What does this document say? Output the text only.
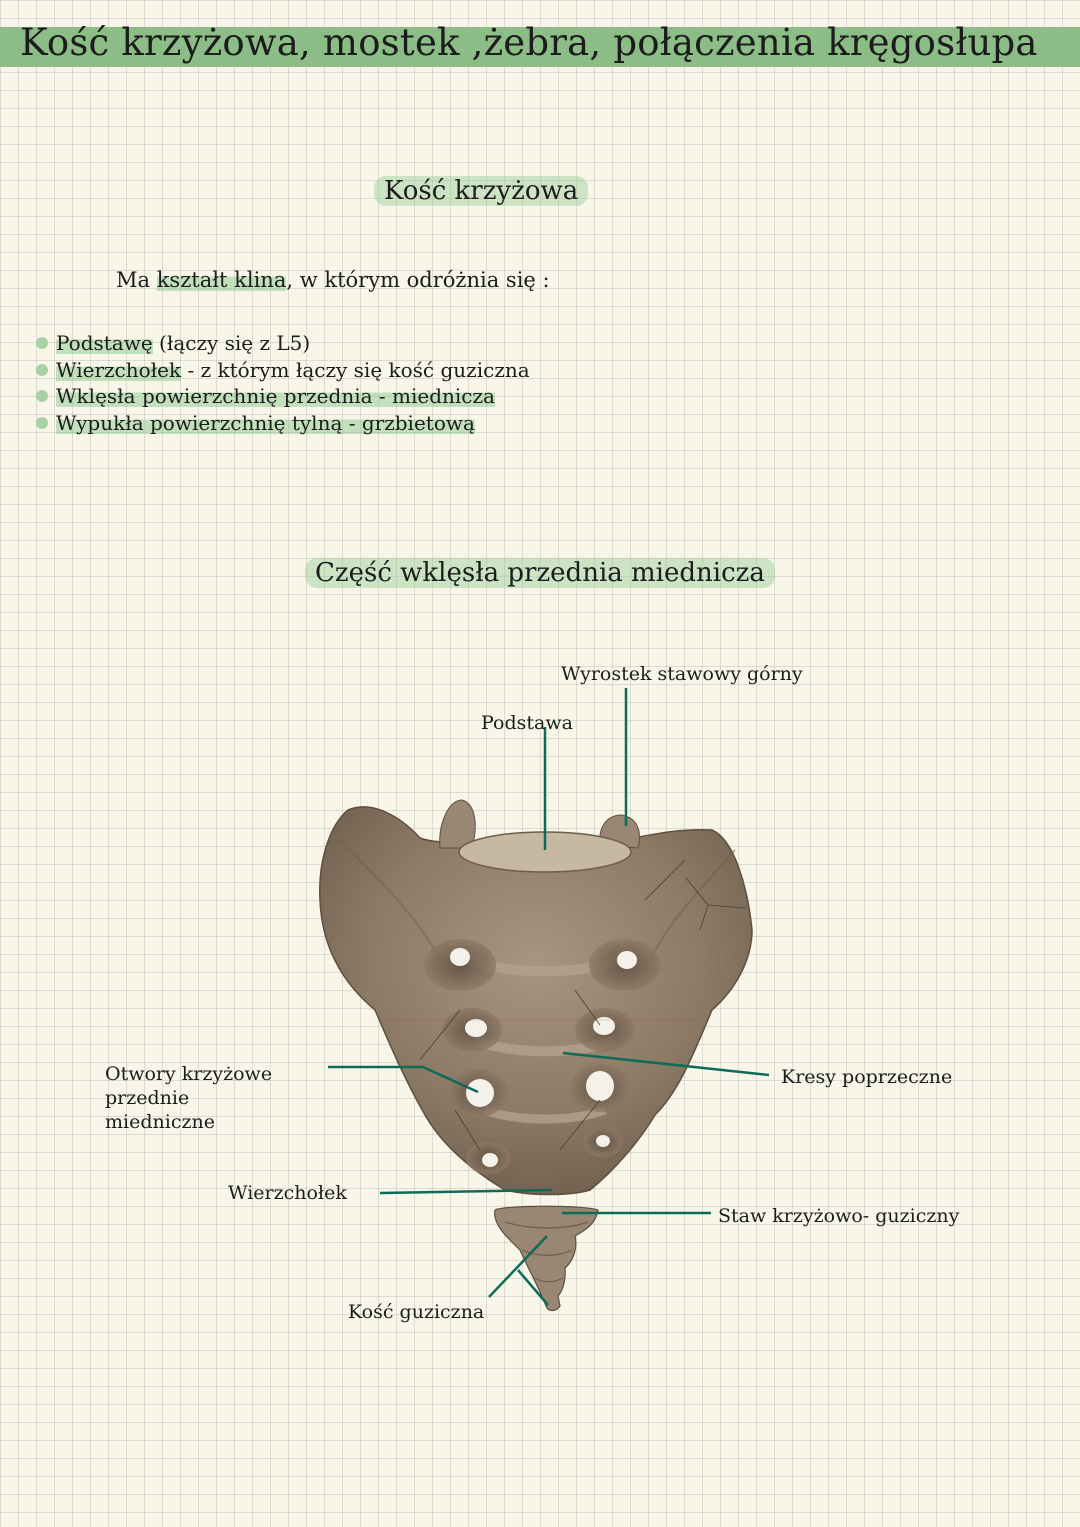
Kość krzyżowa, mostek ,żebra, połączenia kręgosłupa
Kość krzyżowa
Ma kształt klina, w którym odróżnia się :
Podstawę (łączy się z L5)
Wierzchołek - z którym łączy się kość guziczna
Wklęsła powierzchnię przednia - miednicza
Wypukła powierzchnię tylną - grzbietową
Część wklęsła przednia miednicza
Wyrostek stawowy górny
Podstawa
Otwory krzyżowe
przednie
miedniczne
Kresy poprzeczne
Wierzchołek
Staw krzyżowo- guziczny
Kość guziczna
